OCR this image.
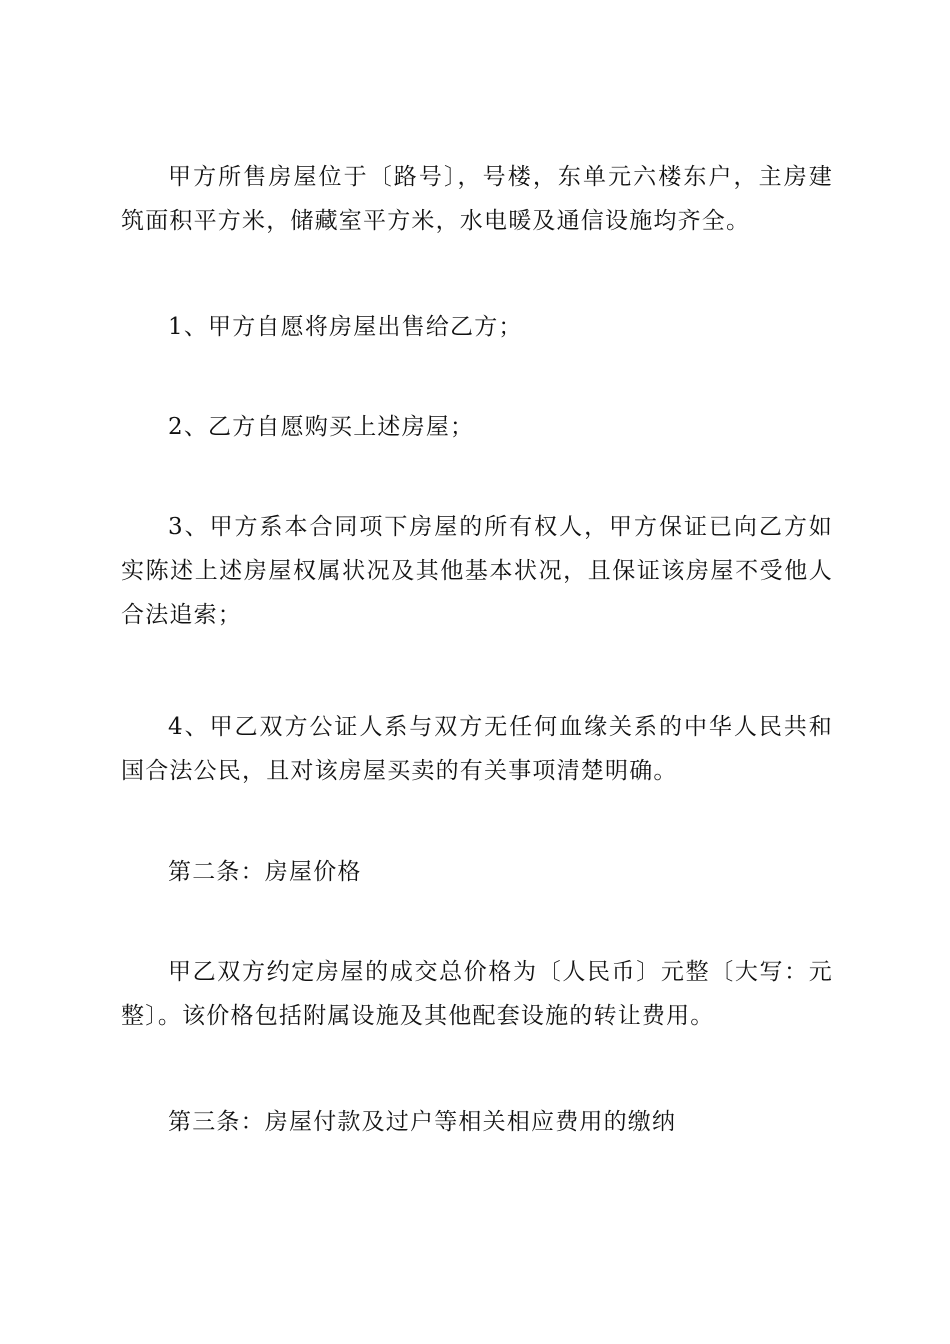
甲方所售房屋位于〔路号〕，号楼，东单元六楼东户，主房建筑面积平方米，储藏室平方米，水电暖及通信设施均齐全。

1、甲方自愿将房屋出售给乙方；

2、乙方自愿购买上述房屋；

3、甲方系本合同项下房屋的所有权人，甲方保证已向乙方如实陈述上述房屋权属状况及其他基本状况，且保证该房屋不受他人合法追索；

4、甲乙双方公证人系与双方无任何血缘关系的中华人民共和国合法公民，且对该房屋买卖的有关事项清楚明确。

第二条：房屋价格

甲乙双方约定房屋的成交总价格为〔人民币〕元整〔大写：元整〕。该价格包括附属设施及其他配套设施的转让费用。

第三条：房屋付款及过户等相关相应费用的缴纳
